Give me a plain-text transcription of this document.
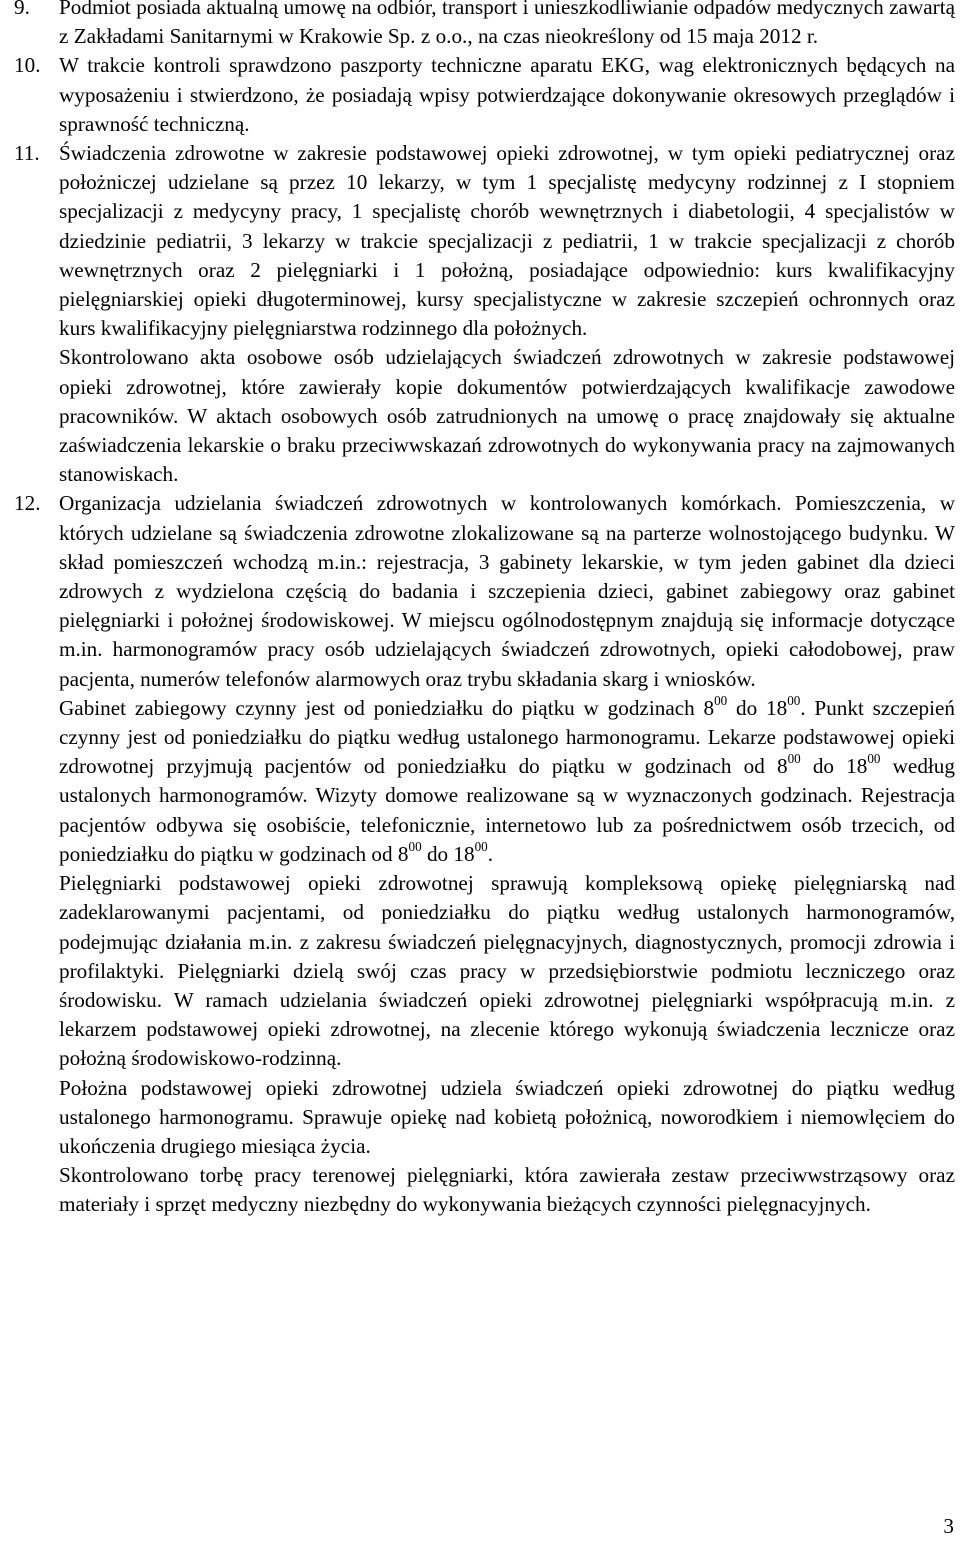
9. Podmiot posiada aktualną umowę na odbiór, transport i unieszkodliwianie odpadów medycznych zawartą z Zakładami Sanitarnymi w Krakowie Sp. z o.o., na czas nieokreślony od 15 maja 2012 r.

10. W trakcie kontroli sprawdzono paszporty techniczne aparatu EKG, wag elektronicznych będących na wyposażeniu i stwierdzono, że posiadają wpisy potwierdzające dokonywanie okresowych przeglądów i sprawność techniczną.

11. Świadczenia zdrowotne w zakresie podstawowej opieki zdrowotnej, w tym opieki pediatrycznej oraz położniczej udzielane są przez 10 lekarzy, w tym 1 specjalistę medycyny rodzinnej z I stopniem specjalizacji z medycyny pracy, 1 specjalistę chorób wewnętrznych i diabetologii, 4 specjalistów w dziedzinie pediatrii, 3 lekarzy w trakcie specjalizacji z pediatrii, 1 w trakcie specjalizacji z chorób wewnętrznych oraz 2 pielęgniarki i 1 położną, posiadające odpowiednio: kurs kwalifikacyjny pielęgniarskiej opieki długoterminowej, kursy specjalistyczne w zakresie szczepień ochronnych oraz kurs kwalifikacyjny pielęgniarstwa rodzinnego dla położnych.

Skontrolowano akta osobowe osób udzielających świadczeń zdrowotnych w zakresie podstawowej opieki zdrowotnej, które zawierały kopie dokumentów potwierdzających kwalifikacje zawodowe pracowników. W aktach osobowych osób zatrudnionych na umowę o pracę znajdowały się aktualne zaświadczenia lekarskie o braku przeciwwskazań zdrowotnych do wykonywania pracy na zajmowanych stanowiskach.

12. Organizacja udzielania świadczeń zdrowotnych w kontrolowanych komórkach. Pomieszczenia, w których udzielane są świadczenia zdrowotne zlokalizowane są na parterze wolnostojącego budynku. W skład pomieszczeń wchodzą m.in.: rejestracja, 3 gabinety lekarskie, w tym jeden gabinet dla dzieci zdrowych z wydzielona częścią do badania i szczepienia dzieci, gabinet zabiegowy oraz gabinet pielęgniarki i położnej środowiskowej. W miejscu ogólnodostępnym znajdują się informacje dotyczące m.in. harmonogramów pracy osób udzielających świadczeń zdrowotnych, opieki całodobowej, praw pacjenta, numerów telefonów alarmowych oraz trybu składania skarg i wniosków.

Gabinet zabiegowy czynny jest od poniedziałku do piątku w godzinach $8^{00}$ do $18^{00}$. Punkt szczepień czynny jest od poniedziałku do piątku według ustalonego harmonogramu. Lekarze podstawowej opieki zdrowotnej przyjmują pacjentów od poniedziałku do piątku w godzinach od $8^{00}$ do $18^{00}$ według ustalonych harmonogramów. Wizyty domowe realizowane są w wyznaczonych godzinach. Rejestracja pacjentów odbywa się osobiście, telefonicznie, internetowo lub za pośrednictwem osób trzecich, od poniedziałku do piątku w godzinach od $8^{00}$ do $18^{00}$.

Pielęgniarki podstawowej opieki zdrowotnej sprawują kompleksową opiekę pielęgniarską nad zadeklarowanymi pacjentami, od poniedziałku do piątku według ustalonych harmonogramów, podejmując działania m.in. z zakresu świadczeń pielęgnacyjnych, diagnostycznych, promocji zdrowia i profilaktyki. Pielęgniarki dzielą swój czas pracy w przedsiębiorstwie podmiotu leczniczego oraz środowisku. W ramach udzielania świadczeń opieki zdrowotnej pielęgniarki współpracują m.in. z lekarzem podstawowej opieki zdrowotnej, na zlecenie którego wykonują świadczenia lecznicze oraz położną środowiskowo-rodzinną.

Położna podstawowej opieki zdrowotnej udziela świadczeń opieki zdrowotnej do piątku według ustalonego harmonogramu. Sprawuje opiekę nad kobietą położnicą, noworodkiem i niemowlęciem do ukończenia drugiego miesiąca życia.

Skontrolowano torbę pracy terenowej pielęgniarki, która zawierała zestaw przeciwwstrząsowy oraz materiały i sprzęt medyczny niezbędny do wykonywania bieżących czynności pielęgnacyjnych.

3
